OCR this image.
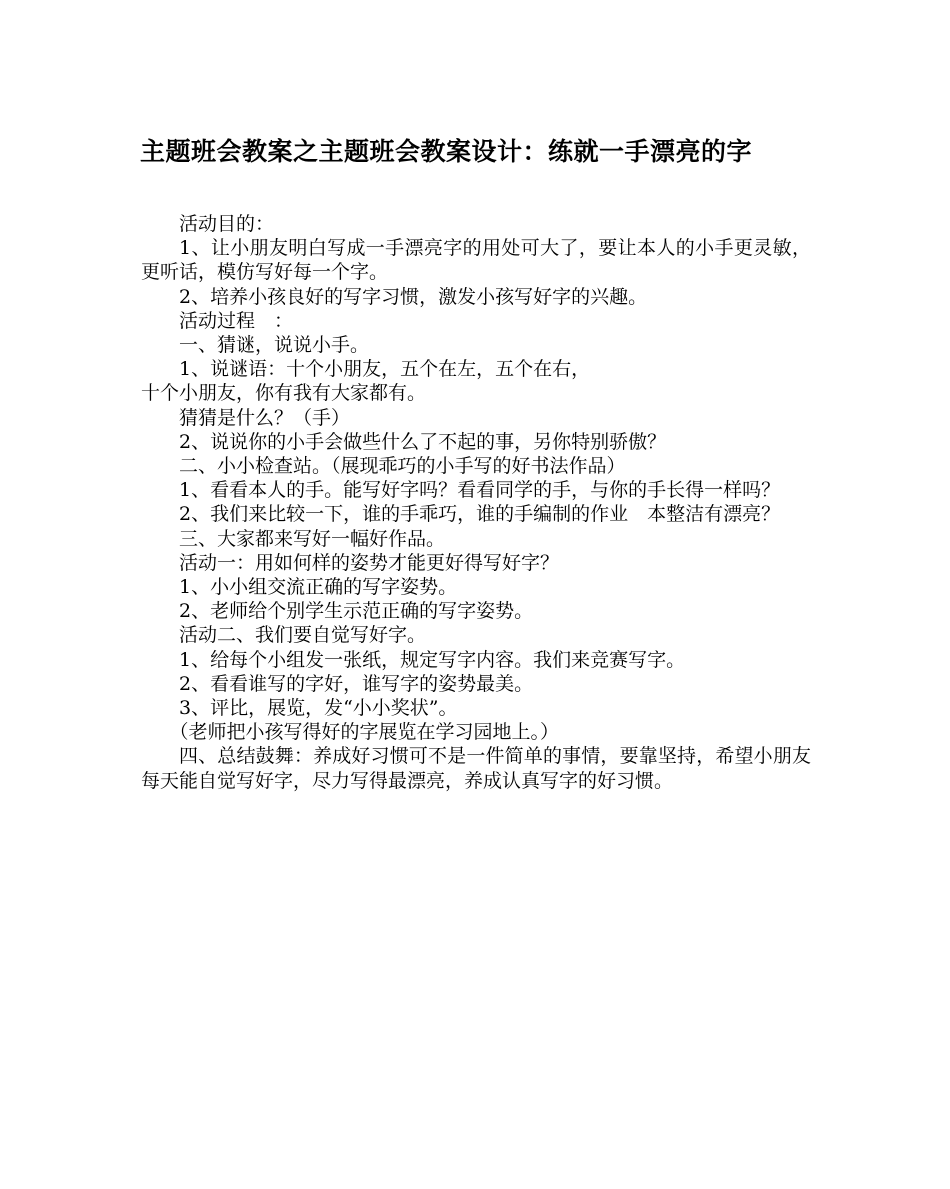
主题班会教案之主题班会教案设计：练就一手漂亮的字

活动目的：

1、让小朋友明白写成一手漂亮字的用处可大了，要让本人的小手更灵敏，更听话，模仿写好每一个字。

2、培养小孩良好的写字习惯，激发小孩写好字的兴趣。

活动过程　：

一、猜谜，说说小手。

1、说谜语：十个小朋友，五个在左，五个在右，

十个小朋友，你有我有大家都有。

猜猜是什么？（手）

2、说说你的小手会做些什么了不起的事，另你特别骄傲？

二、小小检查站。（展现乖巧的小手写的好书法作品）

1、看看本人的手。能写好字吗？看看同学的手，与你的手长得一样吗？

2、我们来比较一下，谁的手乖巧，谁的手编制的作业　本整洁有漂亮？

三、大家都来写好一幅好作品。

活动一：用如何样的姿势才能更好得写好字？

1、小小组交流正确的写字姿势。

2、老师给个别学生示范正确的写字姿势。

活动二、我们要自觉写好字。

1、给每个小组发一张纸，规定写字内容。我们来竞赛写字。

2、看看谁写的字好，谁写字的姿势最美。

3、评比，展览，发“小小奖状”。

（老师把小孩写得好的字展览在学习园地上。）

四、总结鼓舞：养成好习惯可不是一件简单的事情，要靠坚持，希望小朋友每天能自觉写好字，尽力写得最漂亮，养成认真写字的好习惯。
